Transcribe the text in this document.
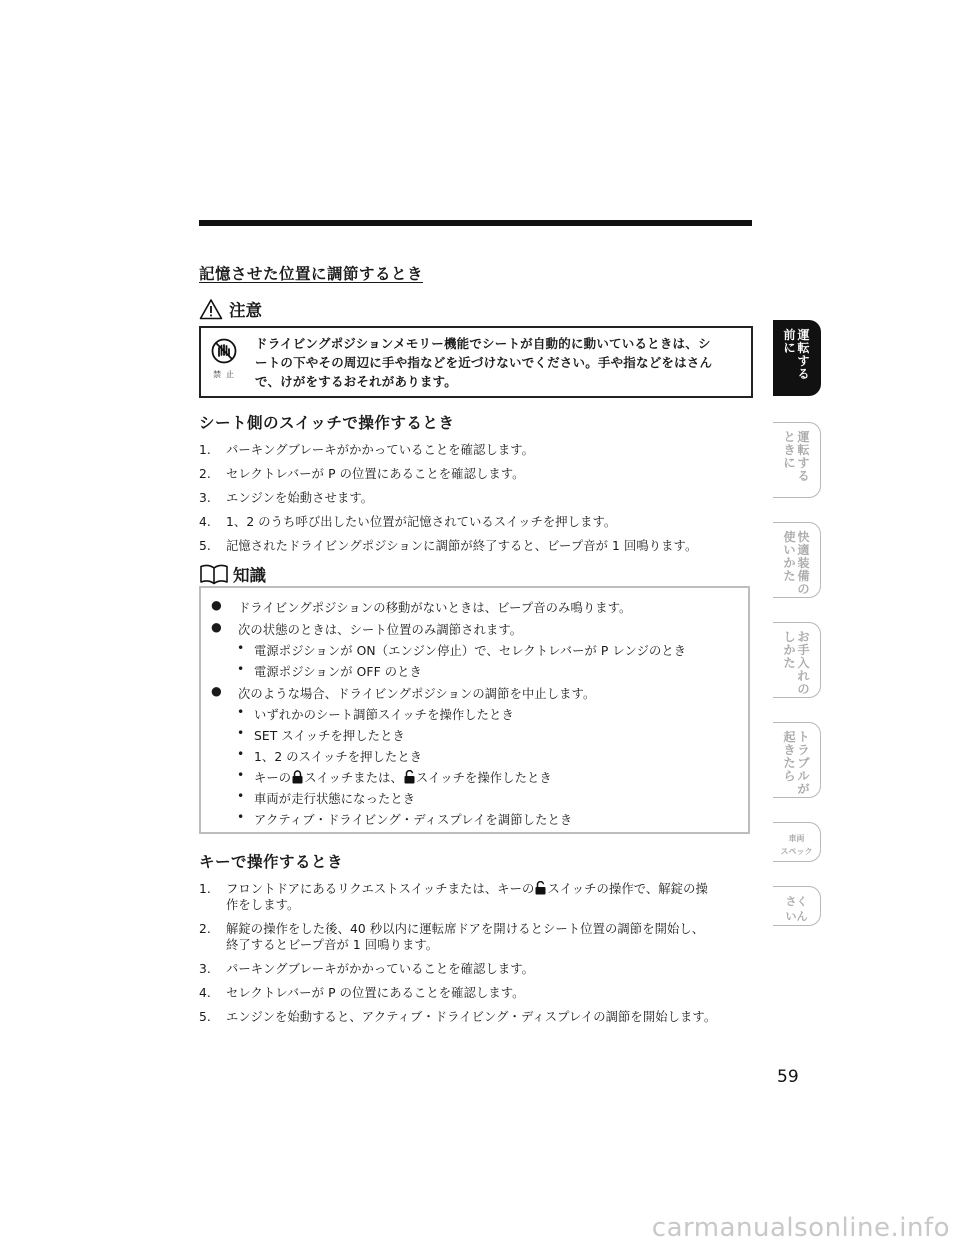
記憶させた位置に調節するとき
注意
禁止
ドライビングポジションメモリー機能でシートが自動的に動いているときは、シ
ートの下やその周辺に手や指などを近づけないでください。手や指などをはさん
で、けがをするおそれがあります。
シート側のスイッチで操作するとき
1. パーキングブレーキがかかっていることを確認します。
2. セレクトレバーが P の位置にあることを確認します。
3. エンジンを始動させます。
4. 1、2 のうち呼び出したい位置が記憶されているスイッチを押します。
5. 記憶されたドライビングポジションに調節が終了すると、ビープ音が 1 回鳴ります。
知識
● ドライビングポジションの移動がないときは、ビープ音のみ鳴ります。
● 次の状態のときは、シート位置のみ調節されます。
• 電源ポジションが ON（エンジン停止）で、セレクトレバーが P レンジのとき
• 電源ポジションが OFF のとき
● 次のような場合、ドライビングポジションの調節を中止します。
• いずれかのシート調節スイッチを操作したとき
• SET スイッチを押したとき
• 1、2 のスイッチを押したとき
• キーの スイッチまたは、 スイッチを操作したとき
• 車両が走行状態になったとき
• アクティブ・ドライビング・ディスプレイを調節したとき
キーで操作するとき
1. フロントドアにあるリクエストスイッチまたは、キーの スイッチの操作で、解錠の操
作をします。
2. 解錠の操作をした後、40 秒以内に運転席ドアを開けるとシート位置の調節を開始し、
終了するとビープ音が 1 回鳴ります。
3. パーキングブレーキがかかっていることを確認します。
4. セレクトレバーが P の位置にあることを確認します。
5. エンジンを始動すると、アクティブ・ドライビング・ディスプレイの調節を開始します。
運
転
す
る
前
に
運
転
す
る
と
き
に
快
適
装
備
の
使
い
か
た
お
手
入
れ
の
し
か
た
ト
ラ
ブ
ル
が
起
き
た
ら
車両
スペック
さく
いん
59
carmanualsonline.info
